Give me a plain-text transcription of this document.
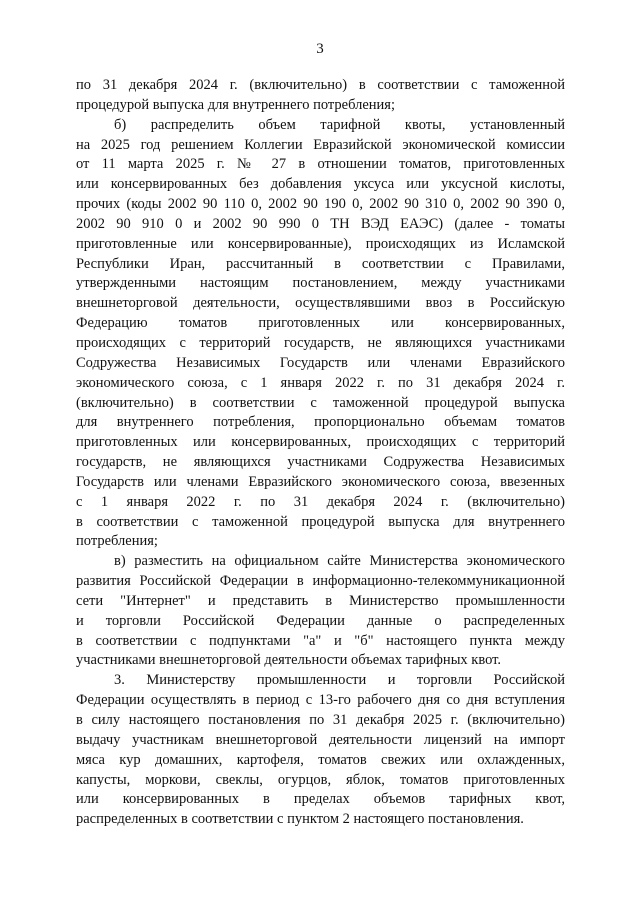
3

по 31 декабря 2024 г. (включительно) в соответствии с таможенной
процедурой выпуска для внутреннего потребления;

б) распределить объем тарифной квоты, установленный
на 2025 год решением Коллегии Евразийской экономической комиссии
от 11 марта 2025 г. № 27 в отношении томатов, приготовленных
или консервированных без добавления уксуса или уксусной кислоты,
прочих (коды 2002 90 110 0, 2002 90 190 0, 2002 90 310 0, 2002 90 390 0,
2002 90 910 0 и 2002 90 990 0 ТН ВЭД ЕАЭС) (далее - томаты
приготовленные или консервированные), происходящих из Исламской
Республики Иран, рассчитанный в соответствии с Правилами,
утвержденными настоящим постановлением, между участниками
внешнеторговой деятельности, осуществлявшими ввоз в Российскую
Федерацию томатов приготовленных или консервированных,
происходящих с территорий государств, не являющихся участниками
Содружества Независимых Государств или членами Евразийского
экономического союза, с 1 января 2022 г. по 31 декабря 2024 г.
(включительно) в соответствии с таможенной процедурой выпуска
для внутреннего потребления, пропорционально объемам томатов
приготовленных или консервированных, происходящих с территорий
государств, не являющихся участниками Содружества Независимых
Государств или членами Евразийского экономического союза, ввезенных
с 1 января 2022 г. по 31 декабря 2024 г. (включительно)
в соответствии с таможенной процедурой выпуска для внутреннего
потребления;

в) разместить на официальном сайте Министерства экономического
развития Российской Федерации в информационно-телекоммуникационной
сети "Интернет" и представить в Министерство промышленности
и торговли Российской Федерации данные о распределенных
в соответствии с подпунктами "а" и "б" настоящего пункта между
участниками внешнеторговой деятельности объемах тарифных квот.

3. Министерству промышленности и торговли Российской
Федерации осуществлять в период с 13-го рабочего дня со дня вступления
в силу настоящего постановления по 31 декабря 2025 г. (включительно)
выдачу участникам внешнеторговой деятельности лицензий на импорт
мяса кур домашних, картофеля, томатов свежих или охлажденных,
капусты, моркови, свеклы, огурцов, яблок, томатов приготовленных
или консервированных в пределах объемов тарифных квот,
распределенных в соответствии с пунктом 2 настоящего постановления.
